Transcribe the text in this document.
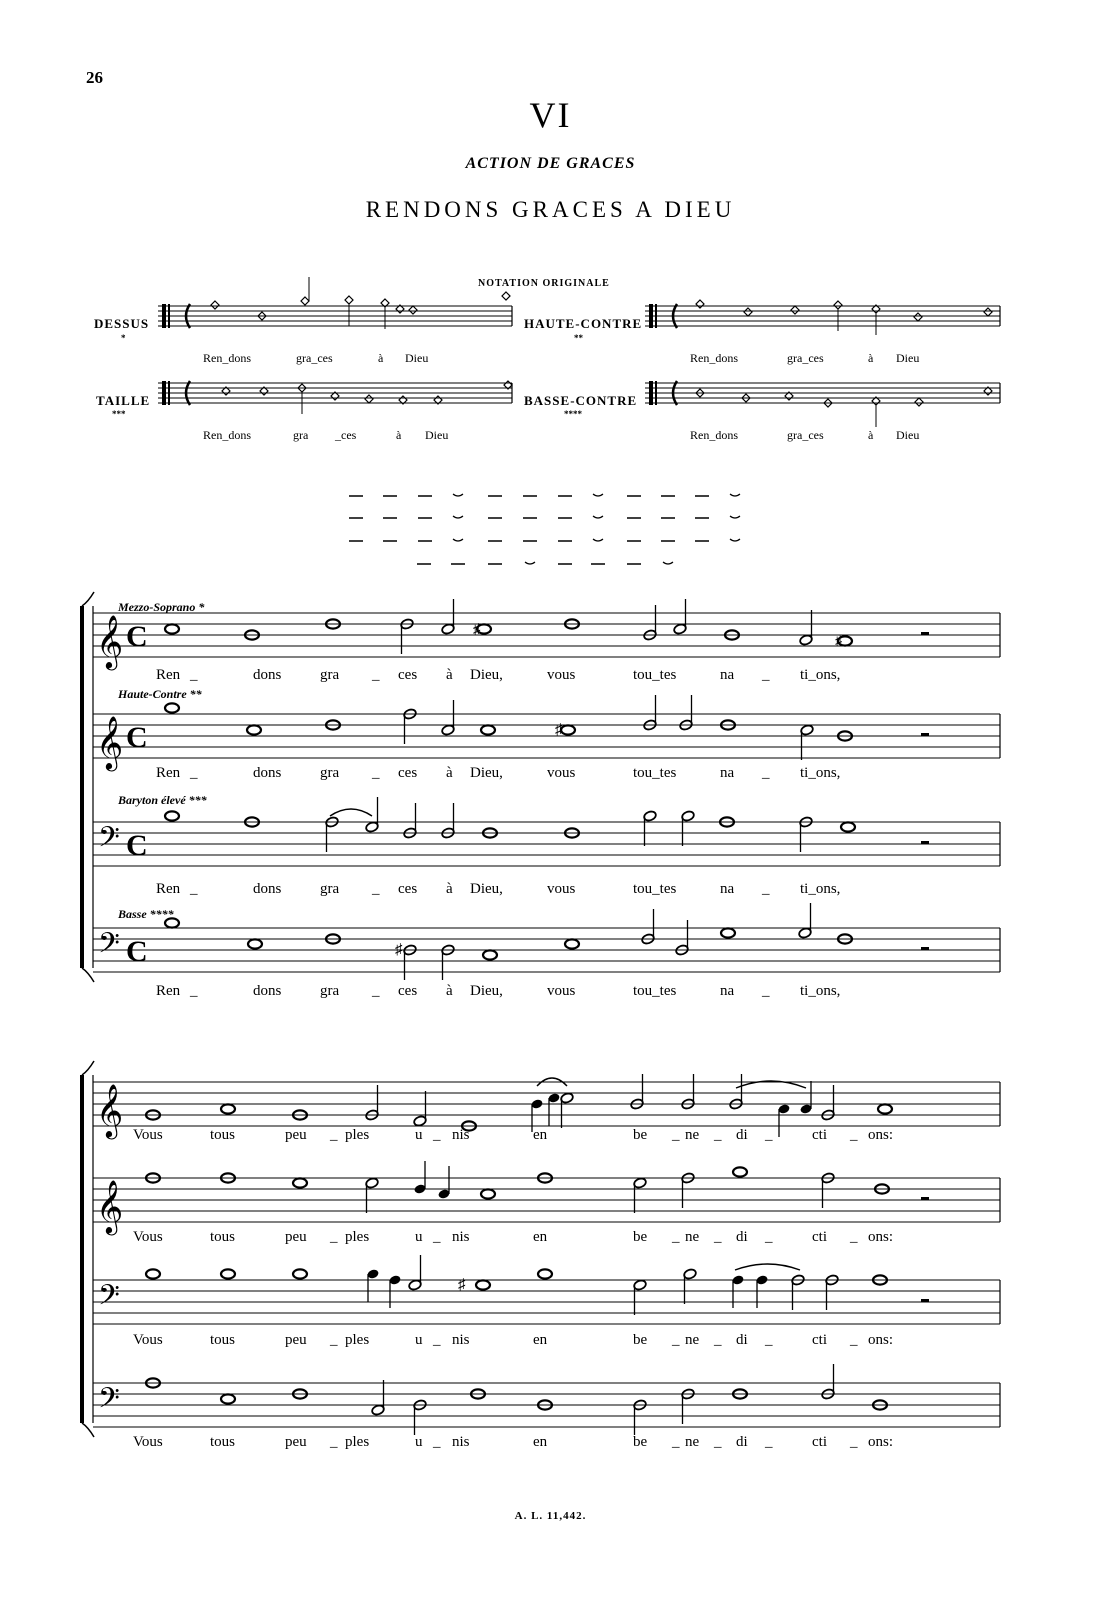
26
VI
ACTION DE GRACES
RENDONS GRACES A DIEU
NOTATION ORIGINALE
DESSUS
*
HAUTE-CONTRE
**
TAILLE
***
BASSE-CONTRE
****
Ren_dons	gra_ces	à Dieu	Ren_dons	gra_ces	à Dieu
Ren_dons	gra _ces	à Dieu	Ren_dons	gra_ces	à Dieu
Mezzo-Soprano *
Haute-Contre **
Baryton élevé ***
Basse ****
Ren _	dons	gra _ ces à Dieu,	vous	tou_tes	na _ ti_ons,
Ren _	dons	gra _ ces à Dieu,	vous	tou_tes	na _ ti_ons,
Ren _	dons	gra _ ces à Dieu,	vous	tou_tes	na _ ti_ons,
Ren _	dons	gra _ ces à Dieu,	vous	tou_tes	na _ ti_ons,
Vous	tous	peu _ ples	u _ nis	en	be _ ne _ di _	cti _ ons:
Vous	tous	peu _ ples	u _ nis	en	be _ ne _ di _	cti _ ons:
Vous	tous	peu _ ples	u _ nis	en	be _ ne _ di _	cti _ ons:
Vous	tous	peu _ ples	u _ nis	en	be _ ne _ di _	cti _ ons:
𝄞 C
𝄞 C
𝄢 C
𝄢 C
𝄞
𝄞
𝄢
𝄢
♯
♯
♯
♯
♯
A. L. 11,442.
